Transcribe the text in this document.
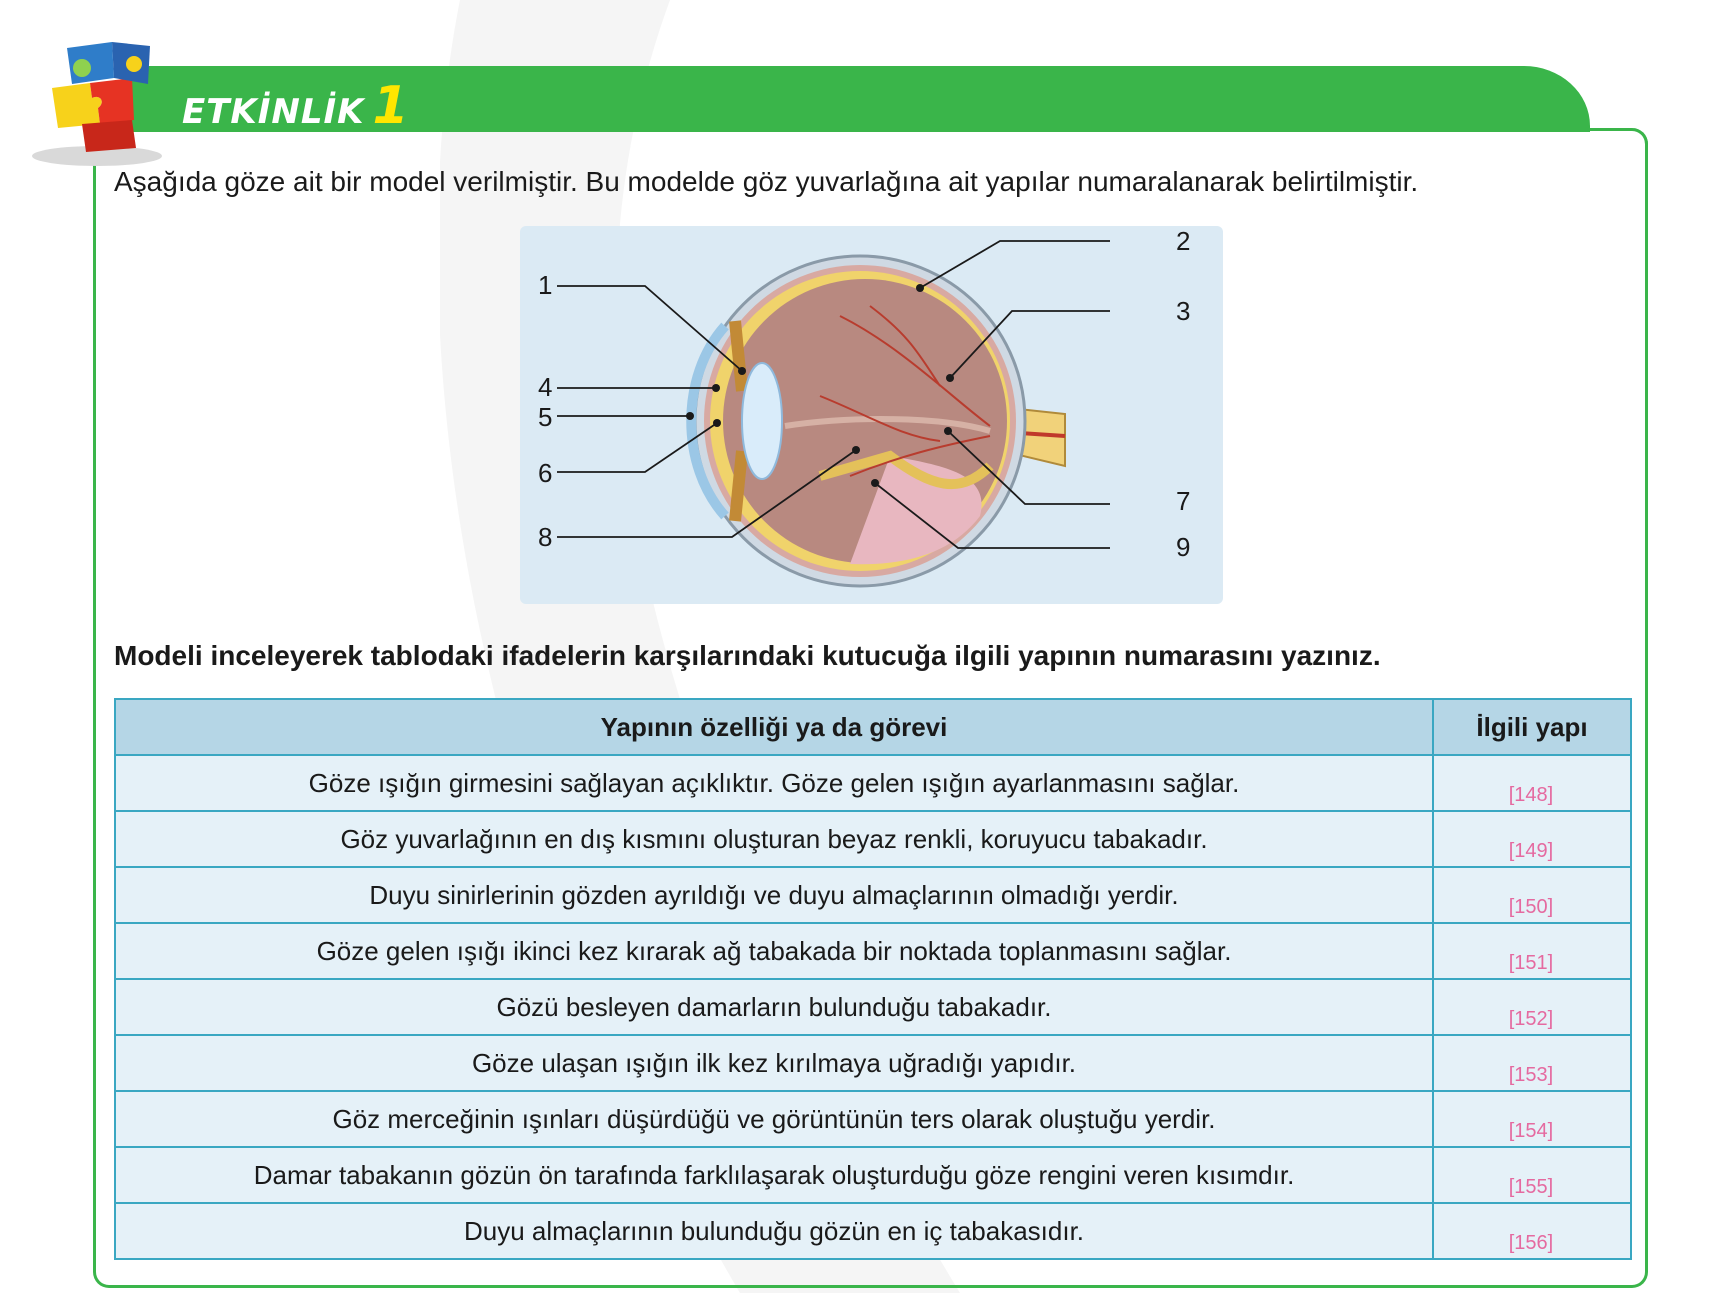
ETKİNLİK 1
Aşağıda göze ait bir model verilmiştir. Bu modelde göz yuvarlağına ait yapılar numaralanarak belirtilmiştir.
1
2
3
4
5
6
7
8	9
Modeli inceleyerek tablodaki ifadelerin karşılarındaki kutucuğa ilgili yapının numarasını yazınız.
Yapının özelliği ya da görevi	İlgili yapı
Göze ışığın girmesini sağlayan açıklıktır. Göze gelen ışığın ayarlanmasını sağlar.	[148]
Göz yuvarlağının en dış kısmını oluşturan beyaz renkli, koruyucu tabakadır.	[149]
Duyu sinirlerinin gözden ayrıldığı ve duyu almaçlarının olmadığı yerdir.	[150]
Göze gelen ışığı ikinci kez kırarak ağ tabakada bir noktada toplanmasını sağlar.	[151]
Gözü besleyen damarların bulunduğu tabakadır.	[152]
Göze ulaşan ışığın ilk kez kırılmaya uğradığı yapıdır.	[153]
Göz merceğinin ışınları düşürdüğü ve görüntünün ters olarak oluştuğu yerdir.	[154]
Damar tabakanın gözün ön tarafında farklılaşarak oluşturduğu göze rengini veren kısımdır.	[155]
Duyu almaçlarının bulunduğu gözün en iç tabakasıdır.	[156]
